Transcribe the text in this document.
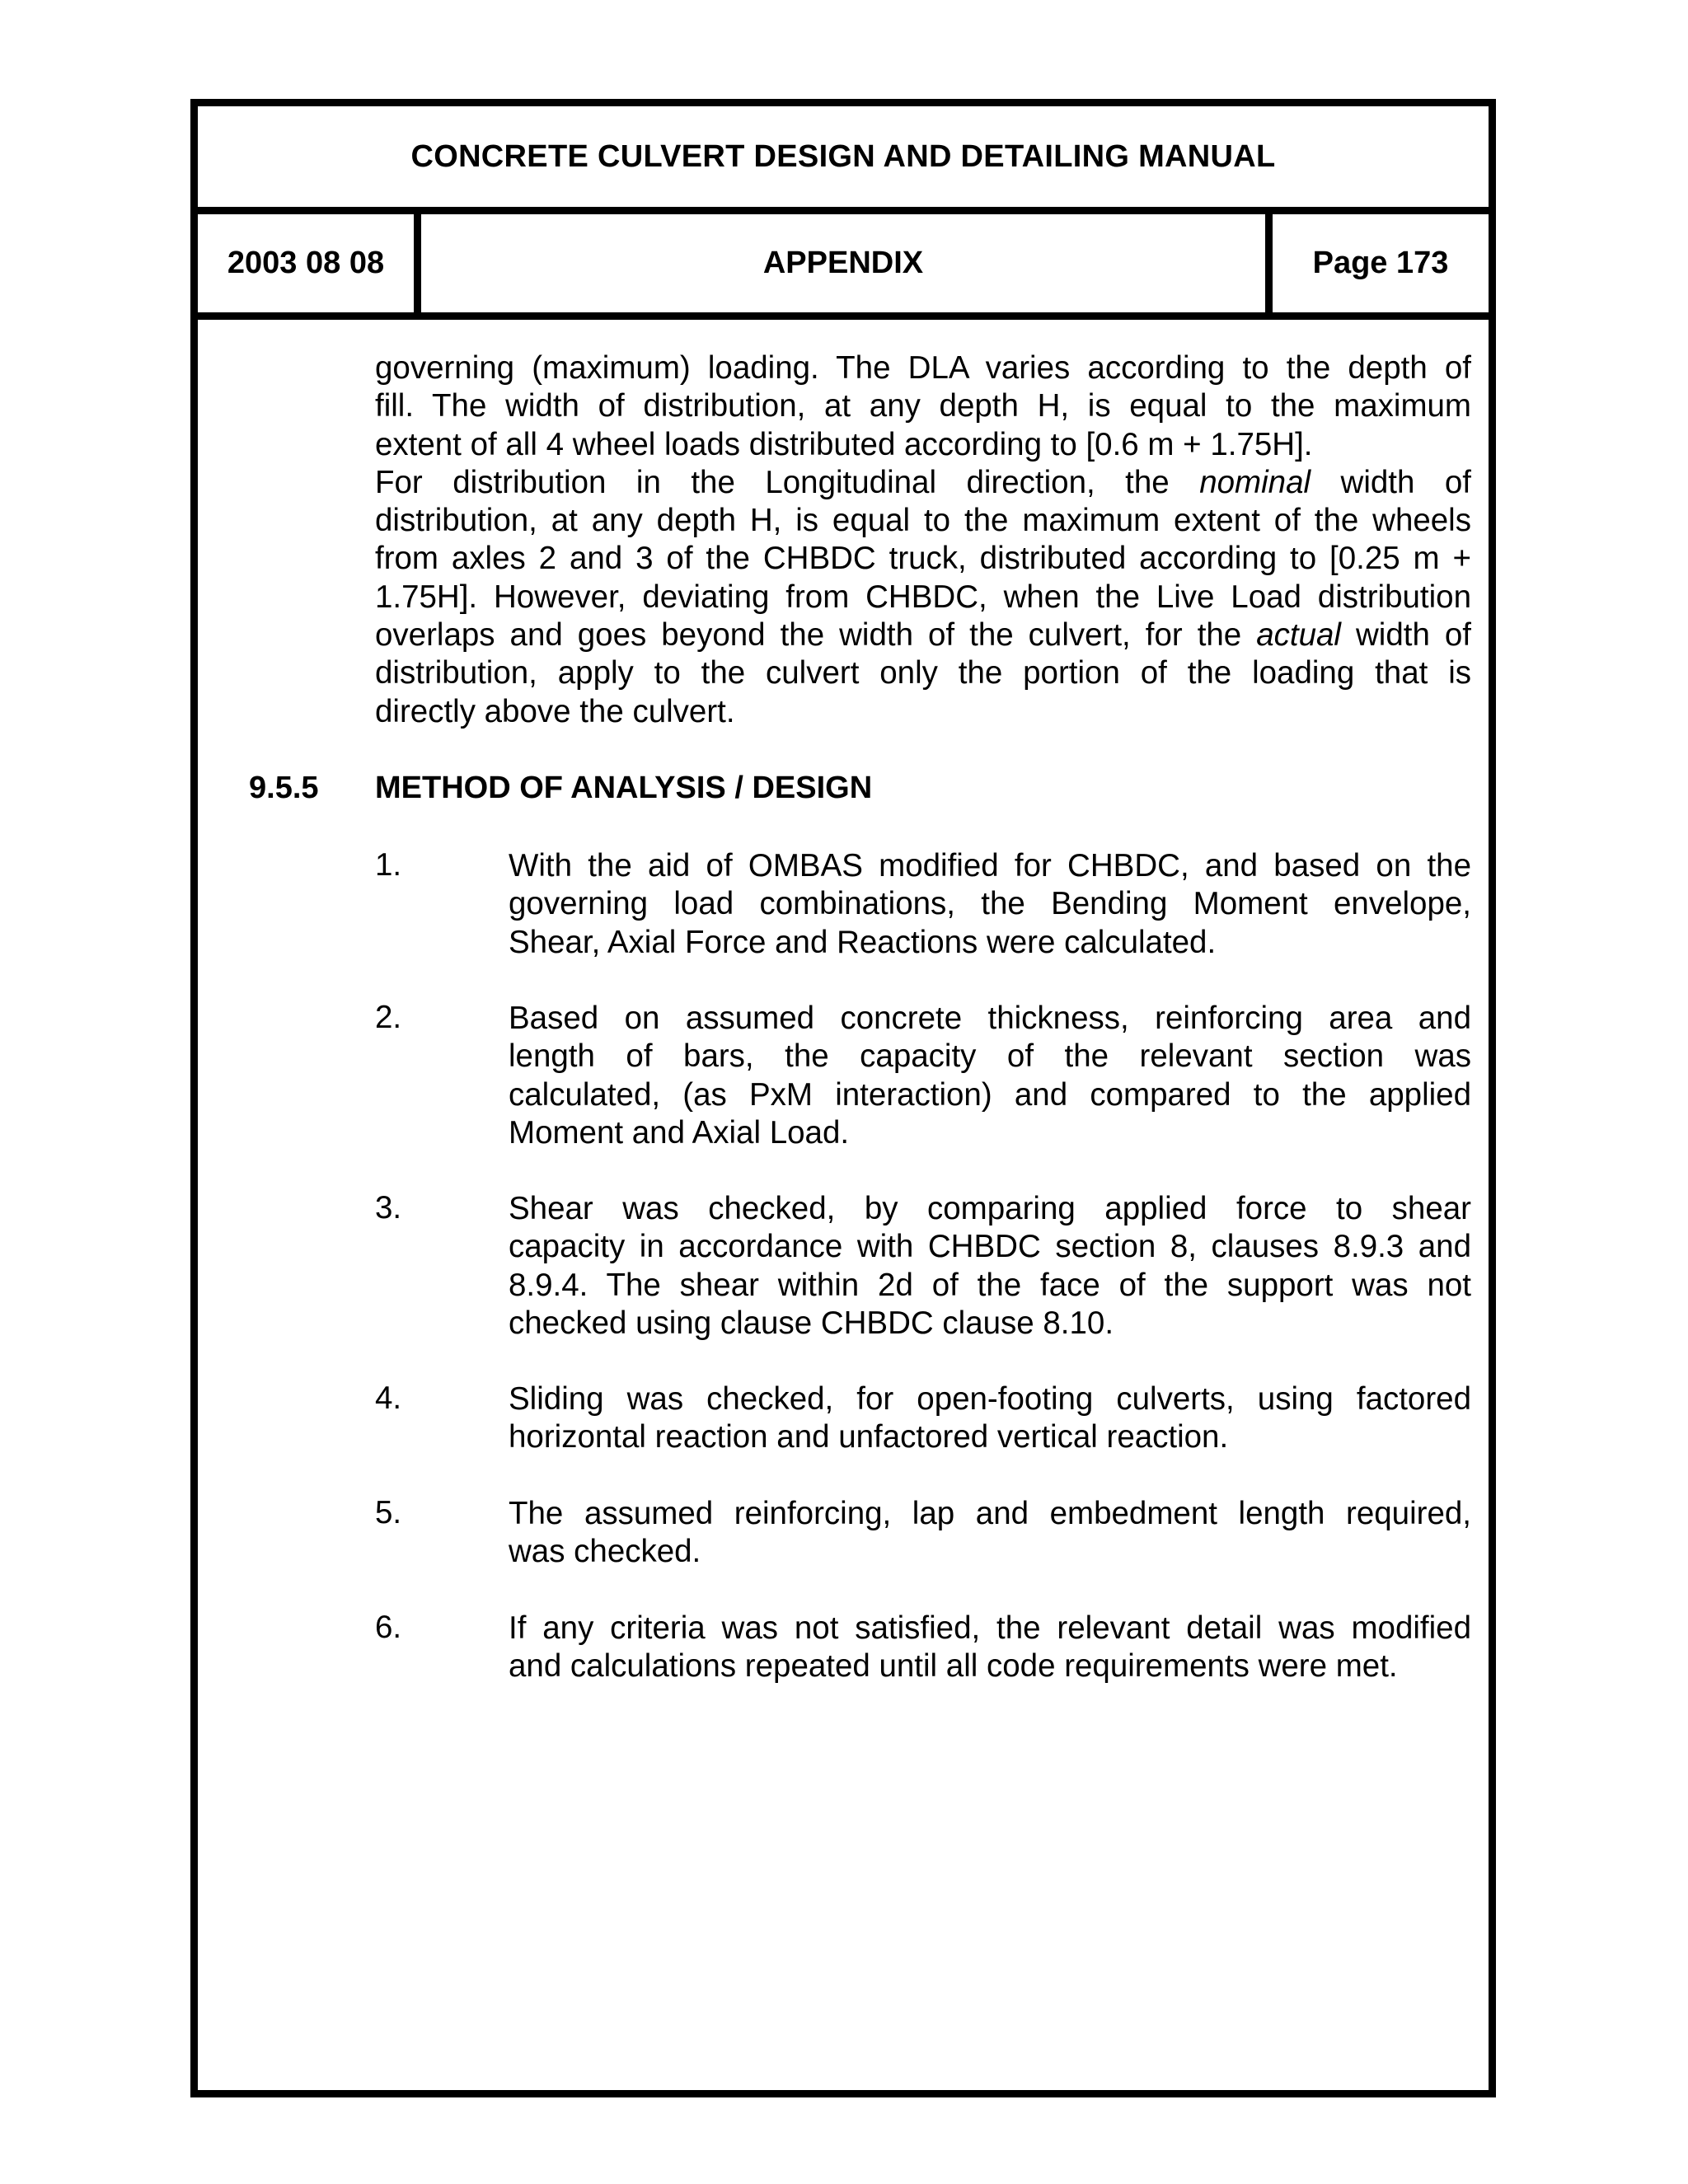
CONCRETE CULVERT DESIGN AND DETAILING MANUAL
2003 08 08	APPENDIX	Page 173
governing (maximum) loading. The DLA varies according to the depth of
fill. The width of distribution, at any depth H, is equal to the maximum
extent of all 4 wheel loads distributed according to [0.6 m + 1.75H].
For distribution in the Longitudinal direction, the nominal width of
distribution, at any depth H, is equal to the maximum extent of the wheels
from axles 2 and 3 of the CHBDC truck, distributed according to [0.25 m +
1.75H]. However, deviating from CHBDC, when the Live Load distribution
overlaps and goes beyond the width of the culvert, for the actual width of
distribution, apply to the culvert only the portion of the loading that is
directly above the culvert.
9.5.5 METHOD OF ANALYSIS / DESIGN
1.	With the aid of OMBAS modified for CHBDC, and based on the
governing load combinations, the Bending Moment envelope,
Shear, Axial Force and Reactions were calculated.
2.	Based on assumed concrete thickness, reinforcing area and
length of bars, the capacity of the relevant section was
calculated, (as PxM interaction) and compared to the applied
Moment and Axial Load.
3.	Shear was checked, by comparing applied force to shear
capacity in accordance with CHBDC section 8, clauses 8.9.3 and
8.9.4. The shear within 2d of the face of the support was not
checked using clause CHBDC clause 8.10.
4.	Sliding was checked, for open-footing culverts, using factored
horizontal reaction and unfactored vertical reaction.
5.	The assumed reinforcing, lap and embedment length required,
was checked.
6.	If any criteria was not satisfied, the relevant detail was modified
and calculations repeated until all code requirements were met.
